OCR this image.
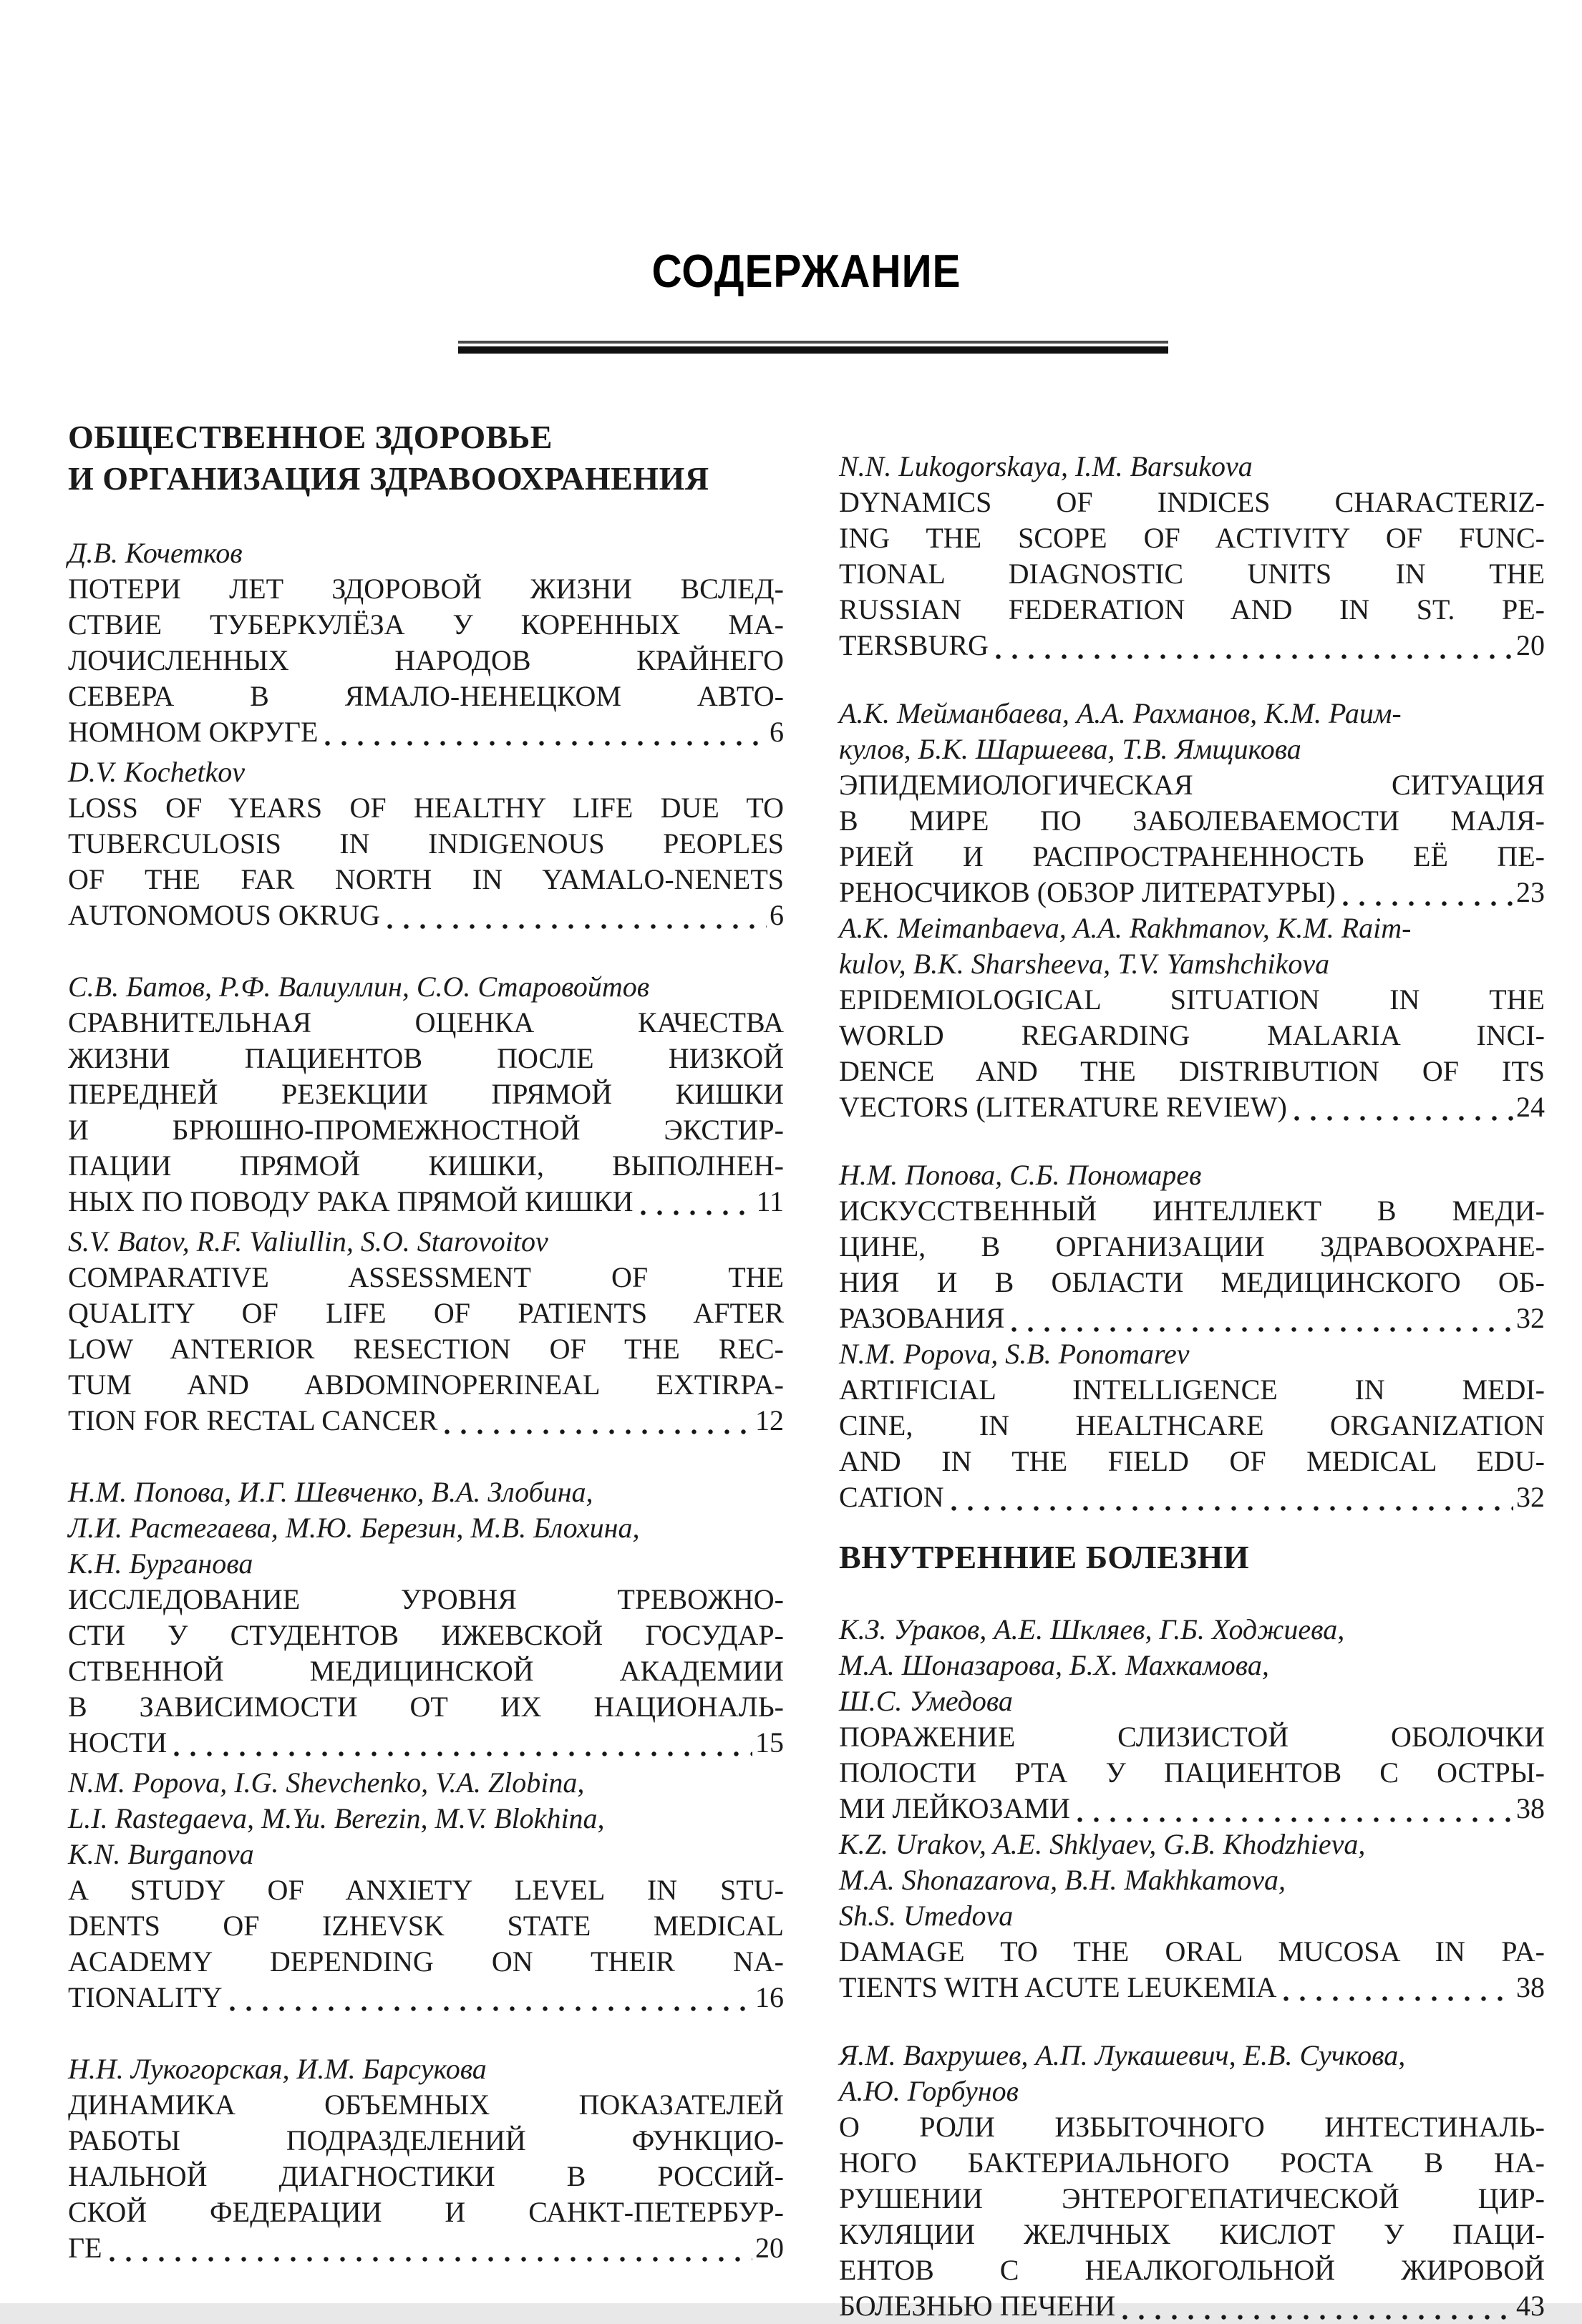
СОДЕРЖАНИЕ
ОБЩЕСТВЕННОЕ ЗДОРОВЬЕ
И ОРГАНИЗАЦИЯ ЗДРАВООХРАНЕНИЯ
Д.В. Кочетков
ПОТЕРИ ЛЕТ ЗДОРОВОЙ ЖИЗНИ ВСЛЕД-
СТВИЕ ТУБЕРКУЛЁЗА У КОРЕННЫХ МА-
ЛОЧИСЛЕННЫХ НАРОДОВ КРАЙНЕГО
СЕВЕРА В ЯМАЛО-НЕНЕЦКОМ АВТО-
НОМНОМ ОКРУГЕ	6
D.V. Kochetkov
LOSS OF YEARS OF HEALTHY LIFE DUE TO
TUBERCULOSIS IN INDIGENOUS PEOPLES
OF THE FAR NORTH IN YAMALO-NENETS
AUTONOMOUS OKRUG	6
С.В. Батов, Р.Ф. Валиуллин, С.О. Старовойтов
СРАВНИТЕЛЬНАЯ ОЦЕНКА КАЧЕСТВА
ЖИЗНИ ПАЦИЕНТОВ ПОСЛЕ НИЗКОЙ
ПЕРЕДНЕЙ РЕЗЕКЦИИ ПРЯМОЙ КИШКИ
И БРЮШНО-ПРОМЕЖНОСТНОЙ ЭКСТИР-
ПАЦИИ ПРЯМОЙ КИШКИ, ВЫПОЛНЕН-
НЫХ ПО ПОВОДУ РАКА ПРЯМОЙ КИШКИ	11
S.V. Batov, R.F. Valiullin, S.O. Starovoitov
COMPARATIVE ASSESSMENT OF THE
QUALITY OF LIFE OF PATIENTS AFTER
LOW ANTERIOR RESECTION OF THE REC-
TUM AND ABDOMINOPERINEAL EXTIRPA-
TION FOR RECTAL CANCER	12
Н.М. Попова, И.Г. Шевченко, В.А. Злобина,
Л.И. Растегаева, М.Ю. Березин, М.В. Блохина,
К.Н. Бурганова
ИССЛЕДОВАНИЕ УРОВНЯ ТРЕВОЖНО-
СТИ У СТУДЕНТОВ ИЖЕВСКОЙ ГОСУДАР-
СТВЕННОЙ МЕДИЦИНСКОЙ АКАДЕМИИ
В ЗАВИСИМОСТИ ОТ ИХ НАЦИОНАЛЬ-
НОСТИ	15
N.M. Popova, I.G. Shevchenko, V.A. Zlobina,
L.I. Rastegaeva, M.Yu. Berezin, M.V. Blokhina,
K.N. Burganova
A STUDY OF ANXIETY LEVEL IN STU-
DENTS OF IZHEVSK STATE MEDICAL
ACADEMY DEPENDING ON THEIR NA-
TIONALITY	16
Н.Н. Лукогорская, И.М. Барсукова
ДИНАМИКА ОБЪЕМНЫХ ПОКАЗАТЕЛЕЙ
РАБОТЫ ПОДРАЗДЕЛЕНИЙ ФУНКЦИО-
НАЛЬНОЙ ДИАГНОСТИКИ В РОССИЙ-
СКОЙ ФЕДЕРАЦИИ И САНКТ-ПЕТЕРБУР-
ГЕ	20
N.N. Lukogorskaya, I.M. Barsukova
DYNAMICS OF INDICES CHARACTERIZ-
ING THE SCOPE OF ACTIVITY OF FUNC-
TIONAL DIAGNOSTIC UNITS IN THE
RUSSIAN FEDERATION AND IN ST. PE-
TERSBURG	20
А.К. Мейманбаева, А.А. Рахманов, К.М. Раим-
кулов, Б.К. Шаршеева, Т.В. Ямщикова
ЭПИДЕМИОЛОГИЧЕСКАЯ СИТУАЦИЯ
В МИРЕ ПО ЗАБОЛЕВАЕМОСТИ МАЛЯ-
РИЕЙ И РАСПРОСТРАНЕННОСТЬ ЕЁ ПЕ-
РЕНОСЧИКОВ (ОБЗОР ЛИТЕРАТУРЫ)	23
A.K. Meimanbaeva, A.A. Rakhmanov, K.M. Raim-
kulov, B.K. Sharsheeva, T.V. Yamshchikova
EPIDEMIOLOGICAL SITUATION IN THE
WORLD REGARDING MALARIA INCI-
DENCE AND THE DISTRIBUTION OF ITS
VECTORS (LITERATURE REVIEW)	24
Н.М. Попова, С.Б. Пономарев
ИСКУССТВЕННЫЙ ИНТЕЛЛЕКТ В МЕДИ-
ЦИНЕ, В ОРГАНИЗАЦИИ ЗДРАВООХРАНЕ-
НИЯ И В ОБЛАСТИ МЕДИЦИНСКОГО ОБ-
РАЗОВАНИЯ	32
N.M. Popova, S.B. Ponomarev
ARTIFICIAL INTELLIGENCE IN MEDI-
CINE, IN HEALTHCARE ORGANIZATION
AND IN THE FIELD OF MEDICAL EDU-
CATION	32
ВНУТРЕННИЕ БОЛЕЗНИ
К.З. Ураков, А.Е. Шкляев, Г.Б. Ходжиева,
М.А. Шоназарова, Б.Х. Махкамова,
Ш.С. Умедова
ПОРАЖЕНИЕ СЛИЗИСТОЙ ОБОЛОЧКИ
ПОЛОСТИ РТА У ПАЦИЕНТОВ С ОСТРЫ-
МИ ЛЕЙКОЗАМИ	38
K.Z. Urakov, A.E. Shklyaev, G.B. Khodzhieva,
M.A. Shonazarova, B.H. Makhkamova,
Sh.S. Umedova
DAMAGE TO THE ORAL MUCOSA IN PA-
TIENTS WITH ACUTE LEUKEMIA	38
Я.М. Вахрушев, А.П. Лукашевич, Е.В. Сучкова,
А.Ю. Горбунов
О РОЛИ ИЗБЫТОЧНОГО ИНТЕСТИНАЛЬ-
НОГО БАКТЕРИАЛЬНОГО РОСТА В НА-
РУШЕНИИ ЭНТЕРОГЕПАТИЧЕСКОЙ ЦИР-
КУЛЯЦИИ ЖЕЛЧНЫХ КИСЛОТ У ПАЦИ-
ЕНТОВ С НЕАЛКОГОЛЬНОЙ ЖИРОВОЙ
БОЛЕЗНЬЮ ПЕЧЕНИ	43
